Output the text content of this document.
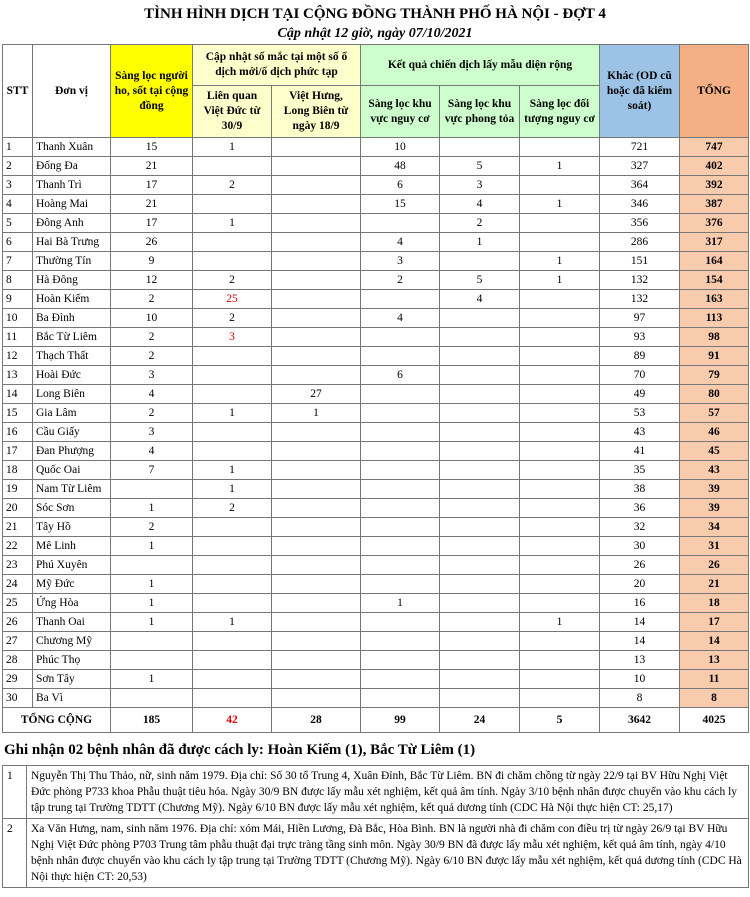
TÌNH HÌNH DỊCH TẠI CỘNG ĐỒNG THÀNH PHỐ HÀ NỘI - ĐỢT 4
Cập nhật 12 giờ, ngày 07/10/2021
STT	Đơn vị	Sàng lọc người ho, sốt tại cộng đồng	Cập nhật số mắc tại một số ổ dịch mới/ổ dịch phức tạp		Kết quả chiến dịch lấy mẫu diện rộng			Khác (OD cũ hoặc đã kiểm soát)	TỔNG
			Liên quan Việt Đức từ 30/9	Việt Hưng, Long Biên từ ngày 18/9	Sàng lọc khu vực nguy cơ	Sàng lọc khu vực phong tỏa	Sàng lọc đối tượng nguy cơ		
1	Thanh Xuân	15	1		10			721	747
2	Đống Đa	21			48	5	1	327	402
3	Thanh Trì	17	2		6	3		364	392
4	Hoàng Mai	21			15	4	1	346	387
5	Đông Anh	17	1			2		356	376
6	Hai Bà Trưng	26			4	1		286	317
7	Thường Tín	9			3		1	151	164
8	Hà Đông	12	2		2	5	1	132	154
9	Hoàn Kiếm	2	25			4		132	163
10	Ba Đình	10	2		4			97	113
11	Bắc Từ Liêm	2	3					93	98
12	Thạch Thất	2						89	91
13	Hoài Đức	3			6			70	79
14	Long Biên	4		27				49	80
15	Gia Lâm	2	1	1				53	57
16	Cầu Giấy	3						43	46
17	Đan Phượng	4						41	45
18	Quốc Oai	7	1					35	43
19	Nam Từ Liêm		1					38	39
20	Sóc Sơn	1	2					36	39
21	Tây Hồ	2						32	34
22	Mê Linh	1						30	31
23	Phú Xuyên							26	26
24	Mỹ Đức	1						20	21
25	Ứng Hòa	1			1			16	18
26	Thanh Oai	1	1				1	14	17
27	Chương Mỹ							14	14
28	Phúc Thọ							13	13
29	Sơn Tây	1						10	11
30	Ba Vì							8	8
TỔNG CỘNG		185	42	28	99	24	5	3642	4025
Ghi nhận 02 bệnh nhân đã được cách ly: Hoàn Kiếm (1), Bắc Từ Liêm (1)
1	Nguyễn Thị Thu Thảo, nữ, sinh năm 1979. Địa chỉ: Số 30 tổ Trung 4, Xuân Đỉnh, Bắc Từ Liêm. BN đi chăm chồng từ ngày 22/9 tại BV Hữu Nghị Việt Đức phòng P733 khoa Phẫu thuật tiêu hóa. Ngày 30/9 BN được lấy mẫu xét nghiệm, kết quả âm tính. Ngày 3/10 bệnh nhân được chuyển vào khu cách ly tập trung tại Trường TDTT (Chương Mỹ). Ngày 6/10 BN được lấy mẫu xét nghiệm, kết quả dương tính (CDC Hà Nội thực hiện CT: 25,17)
2	Xa Văn Hưng, nam, sinh năm 1976. Địa chỉ: xóm Mái, Hiền Lương, Đà Bắc, Hòa Bình. BN là người nhà đi chăm con điều trị từ ngày 26/9 tại BV Hữu Nghị Việt Đức phòng P703 Trung tâm phẫu thuật đại trực tràng tầng sinh môn. Ngày 30/9 BN đã được lấy mẫu xét nghiệm, kết quả âm tính, ngày 4/10 bệnh nhân được chuyển vào khu cách ly tập trung tại Trường TDTT (Chương Mỹ). Ngày 6/10 BN được lấy mẫu xét nghiệm, kết quả dương tính (CDC Hà Nội thực hiện CT: 20,53)
